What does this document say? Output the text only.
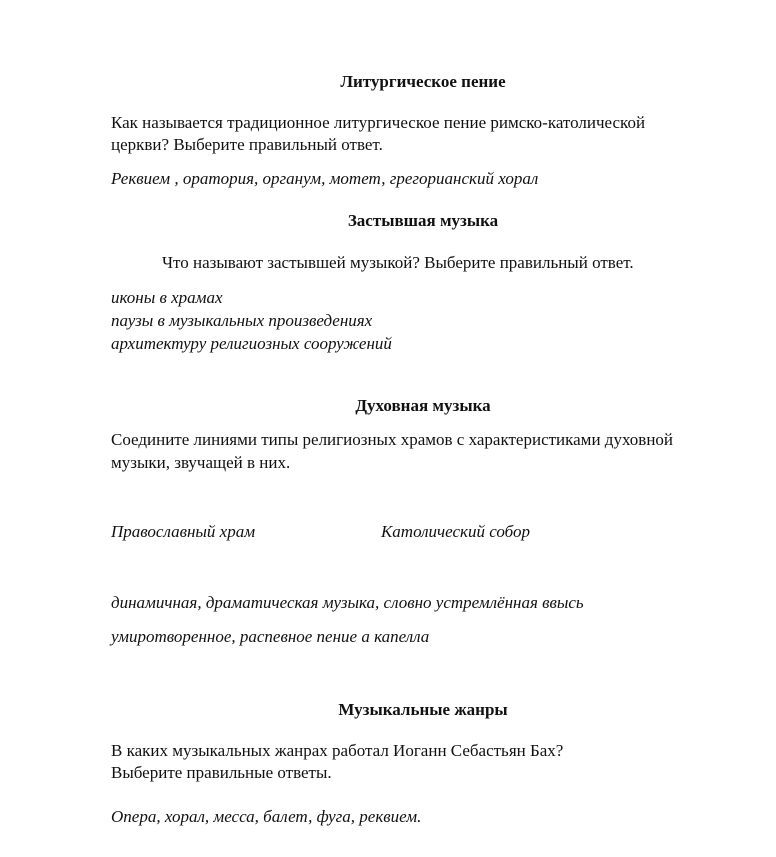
Литургическое пение
Как называется традиционное литургическое пение римско-католической
церкви? Выберите правильный ответ.
Реквием , оратория, органум, мотет, грегорианский хорал
Застывшая музыка
Что называют застывшей музыкой? Выберите правильный ответ.
иконы в храмах
паузы в музыкальных произведениях
архитектуру религиозных сооружений
Духовная музыка
Соедините линиями типы религиозных храмов с характеристиками духовной
музыки, звучащей в них.
Православный храм	Католический собор
динамичная, драматическая музыка, словно устремлённая ввысь
умиротворенное, распевное пение а капелла
Музыкальные жанры
В каких музыкальных жанрах работал Иоганн Себастьян Бах?
Выберите правильные ответы.
Опера, хорал, месса, балет, фуга, реквием.
